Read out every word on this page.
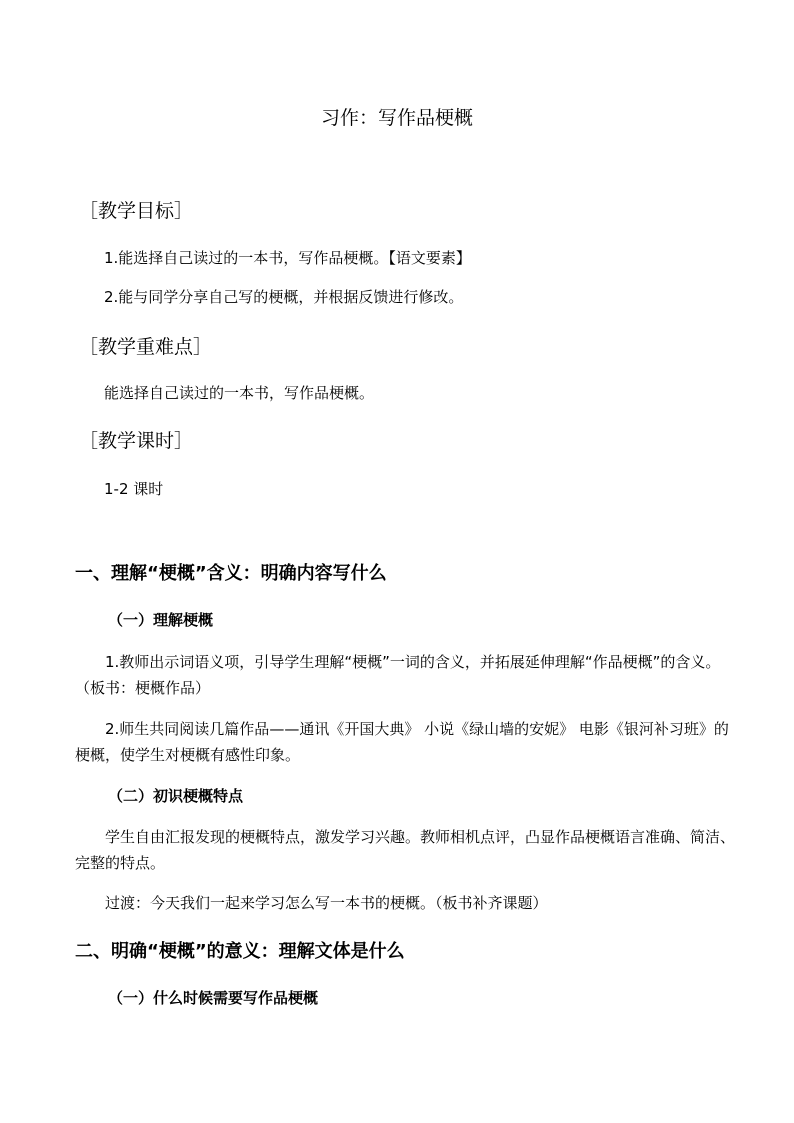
习作：写作品梗概
［教学目标］
1.能选择自己读过的一本书，写作品梗概。【语文要素】
2.能与同学分享自己写的梗概，并根据反馈进行修改。
［教学重难点］
能选择自己读过的一本书，写作品梗概。
［教学课时］
1-2 课时
一、理解“梗概”含义：明确内容写什么
（一）理解梗概
1.教师出示词语义项，引导学生理解“梗概”一词的含义，并拓展延伸理解“作品梗概”的含义。（板书：梗概作品）
2.师生共同阅读几篇作品——通讯《开国大典》 小说《绿山墙的安妮》 电影《银河补习班》的梗概，使学生对梗概有感性印象。
（二）初识梗概特点
学生自由汇报发现的梗概特点，激发学习兴趣。教师相机点评，凸显作品梗概语言准确、简洁、完整的特点。
过渡：今天我们一起来学习怎么写一本书的梗概。（板书补齐课题）
二、明确“梗概”的意义：理解文体是什么
（一）什么时候需要写作品梗概
